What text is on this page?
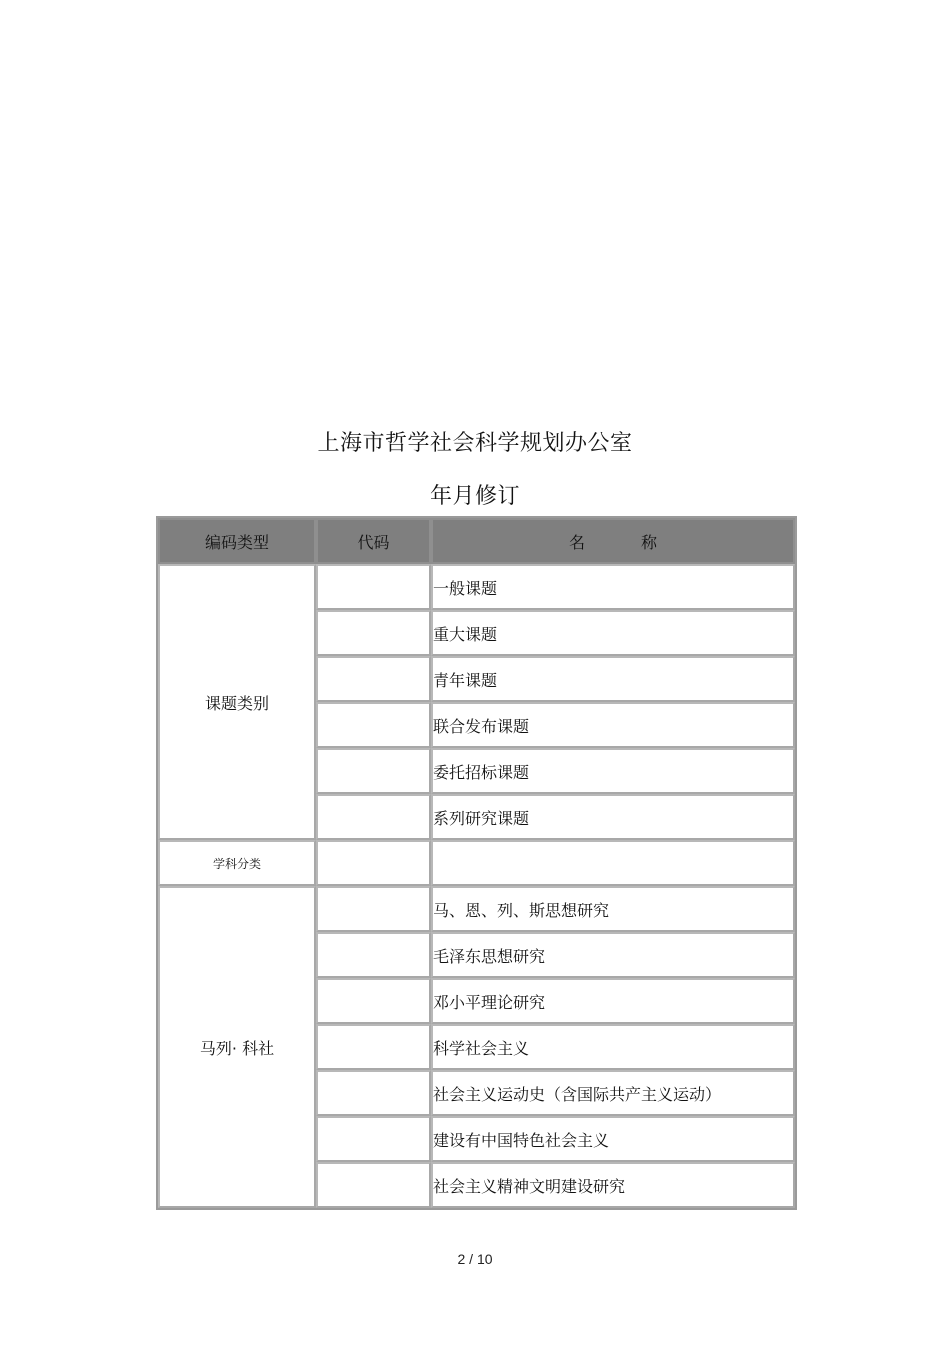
上海市哲学社会科学规划办公室
年月修订
编码类型	代码	名 称
课题类别		一般课题
		重大课题
		青年课题
		联合发布课题
		委托招标课题
		系列研究课题
学科分类		
马列· 科社		马、恩、列、斯思想研究
		毛泽东思想研究
		邓小平理论研究
		科学社会主义
		社会主义运动史（含国际共产主义运动）
		建设有中国特色社会主义
		社会主义精神文明建设研究
2 / 10
